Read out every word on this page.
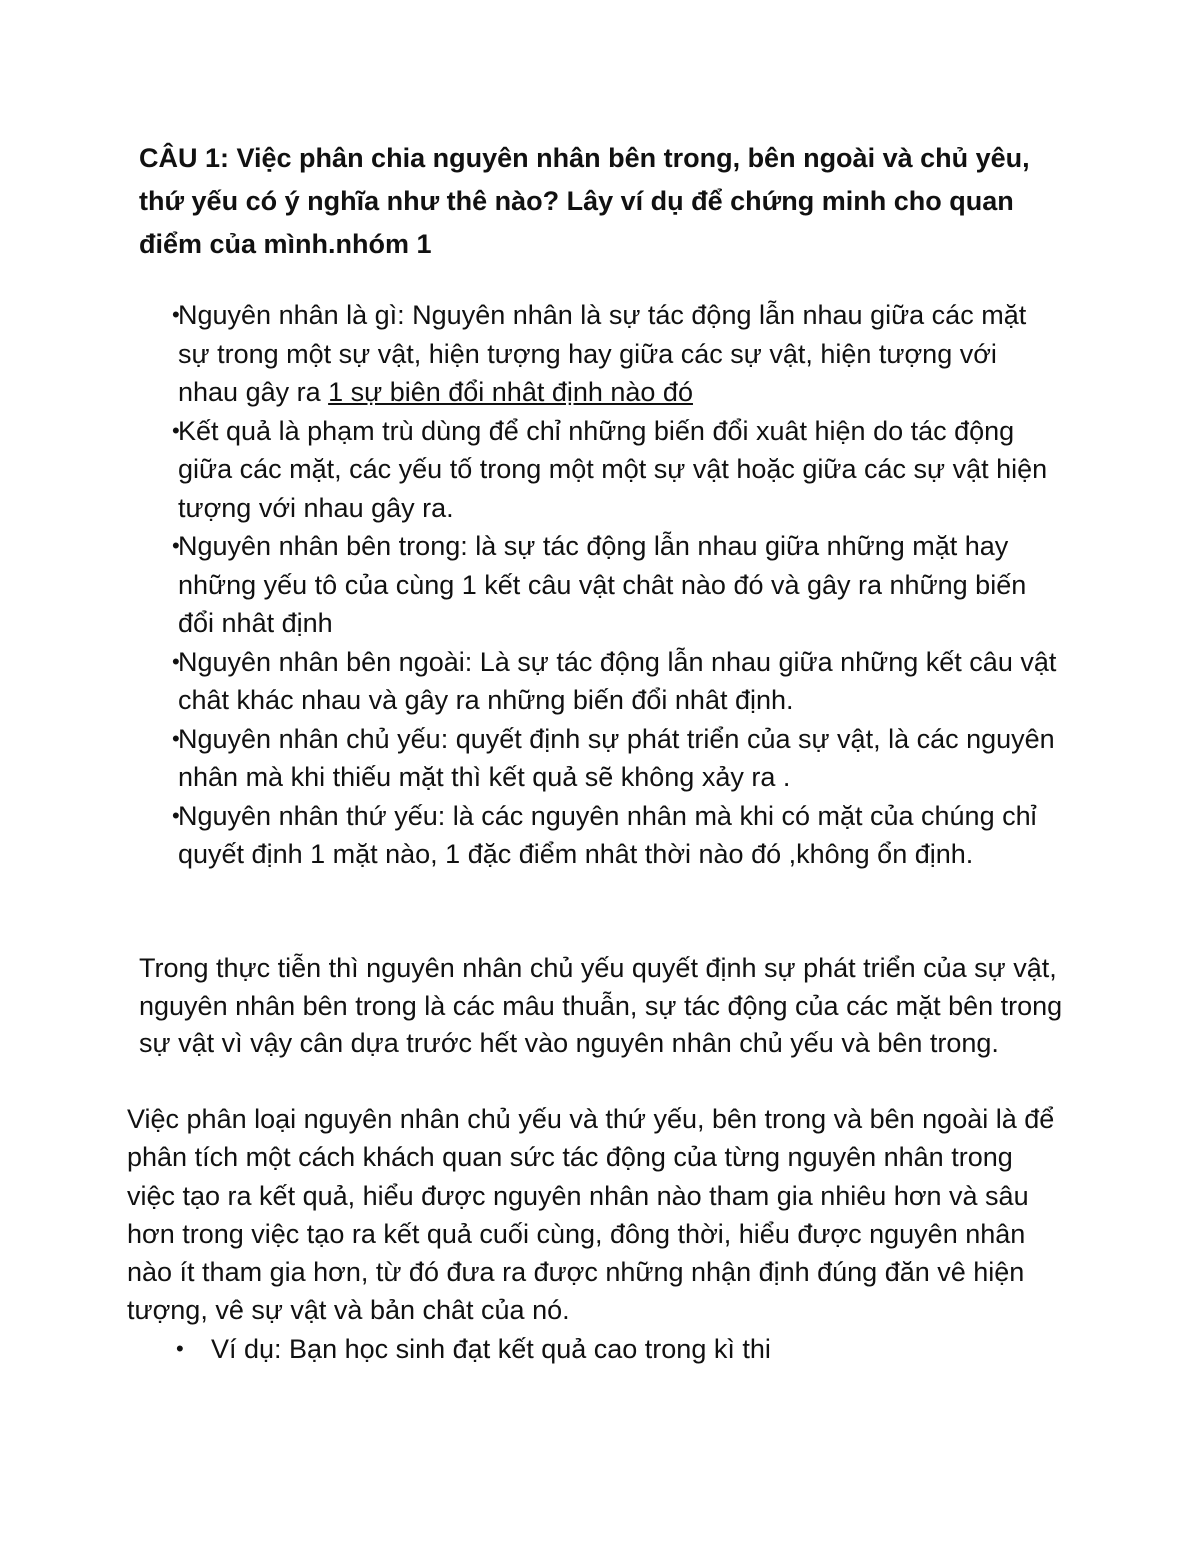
CÂU 1: Việc phân chia nguyên nhân bên trong, bên ngoài và chủ yêu, thứ yếu có ý nghĩa như thê nào? Lây ví dụ để chứng minh cho quan điểm của mình.nhóm 1

•
Nguyên nhân là gì: Nguyên nhân là sự tác động lẫn nhau giữa các mặt sự trong một sự vật, hiện tượng hay giữa các sự vật, hiện tượng với nhau gây ra 1 sự biên đổi nhât định nào đó
•
Kết quả là phạm trù dùng để chỉ những biến đổi xuât hiện do tác động giữa các mặt, các yếu tố trong một một sự vật hoặc giữa các sự vật hiện tượng với nhau gây ra.
•
Nguyên nhân bên trong: là sự tác động lẫn nhau giữa những mặt hay những yếu tô của cùng 1 kết câu vật chât nào đó và gây ra những biến đổi nhât định
•
Nguyên nhân bên ngoài: Là sự tác động lẫn nhau giữa những kết câu vật chât khác nhau và gây ra những biến đổi nhât định.
•
Nguyên nhân chủ yếu: quyết định sự phát triển của sự vật, là các nguyên nhân mà khi thiếu mặt thì kết quả sẽ không xảy ra .
•
Nguyên nhân thứ yếu: là các nguyên nhân mà khi có mặt của chúng chỉ quyết định 1 mặt nào, 1 đặc điểm nhât thời nào đó ,không ổn định.

Trong thực tiễn thì nguyên nhân chủ yếu quyết định sự phát triển của sự vật, nguyên nhân bên trong là các mâu thuẫn, sự tác động của các mặt bên trong sự vật vì vậy cân dựa trước hết vào nguyên nhân chủ yếu và bên trong.

Việc phân loại nguyên nhân chủ yếu và thứ yếu, bên trong và bên ngoài là để phân tích một cách khách quan sức tác động của từng nguyên nhân trong việc tạo ra kết quả, hiểu được nguyên nhân nào tham gia nhiêu hơn và sâu hơn trong việc tạo ra kết quả cuối cùng, đông thời, hiểu được nguyên nhân nào ít tham gia hơn, từ đó đưa ra được những nhận định đúng đăn vê hiện tượng, vê sự vật và bản chât của nó.

• Ví dụ: Bạn học sinh đạt kết quả cao trong kì thi
